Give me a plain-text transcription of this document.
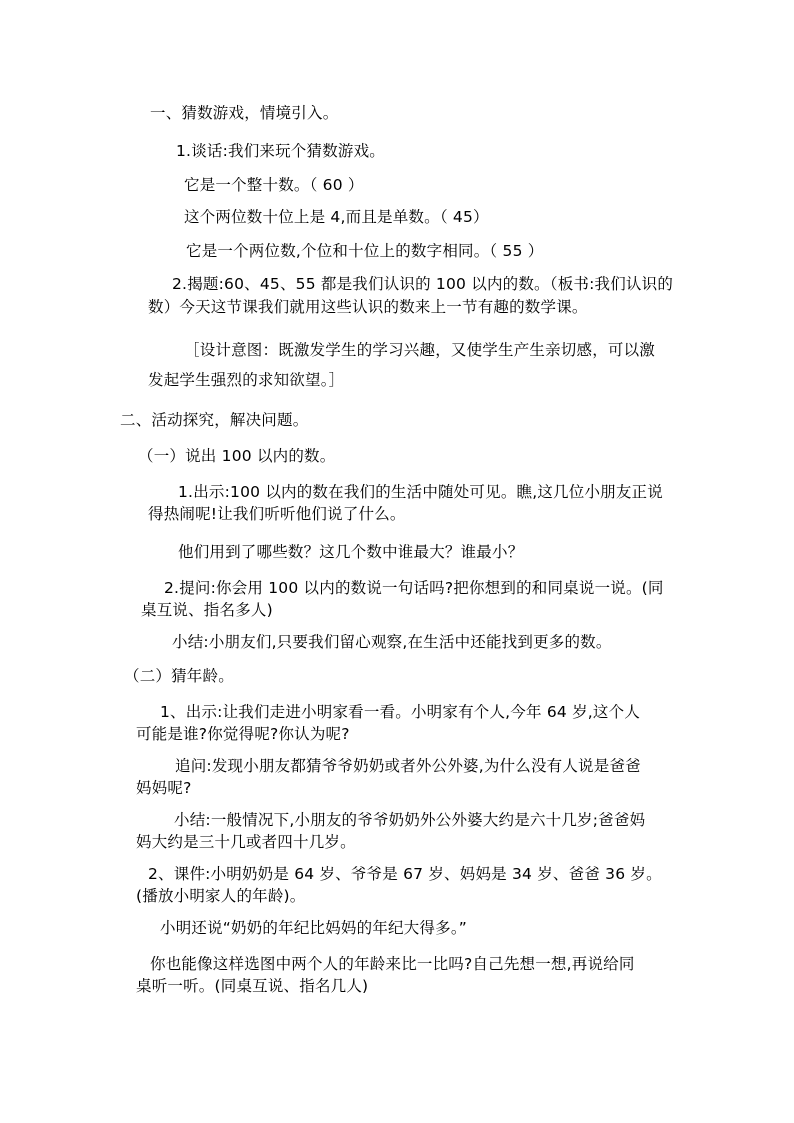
一、猜数游戏，情境引入。
1.谈话:我们来玩个猜数游戏。
它是一个整十数。（ 60 ）
这个两位数十位上是 4,而且是单数。（ 45）
它是一个两位数,个位和十位上的数字相同。（ 55 ）
2.揭题:60、45、55 都是我们认识的 100 以内的数。（板书:我们认识的
数）今天这节课我们就用这些认识的数来上一节有趣的数学课。
［设计意图：既激发学生的学习兴趣，又使学生产生亲切感，可以激
发起学生强烈的求知欲望。］
二、活动探究，解决问题。
（一）说出 100 以内的数。
1.出示:100 以内的数在我们的生活中随处可见。瞧,这几位小朋友正说
得热闹呢!让我们听听他们说了什么。
他们用到了哪些数？这几个数中谁最大？谁最小？
2.提问:你会用 100 以内的数说一句话吗?把你想到的和同桌说一说。(同
桌互说、指名多人)
小结:小朋友们,只要我们留心观察,在生活中还能找到更多的数。
（二）猜年龄。
1、出示:让我们走进小明家看一看。小明家有个人,今年 64 岁,这个人
可能是谁?你觉得呢?你认为呢?
追问:发现小朋友都猜爷爷奶奶或者外公外婆,为什么没有人说是爸爸
妈妈呢?
小结:一般情况下,小朋友的爷爷奶奶外公外婆大约是六十几岁;爸爸妈
妈大约是三十几或者四十几岁。
2、课件:小明奶奶是 64 岁、爷爷是 67 岁、妈妈是 34 岁、爸爸 36 岁。
(播放小明家人的年龄)。
小明还说“奶奶的年纪比妈妈的年纪大得多。”
你也能像这样选图中两个人的年龄来比一比吗?自己先想一想,再说给同
桌听一听。(同桌互说、指名几人)
